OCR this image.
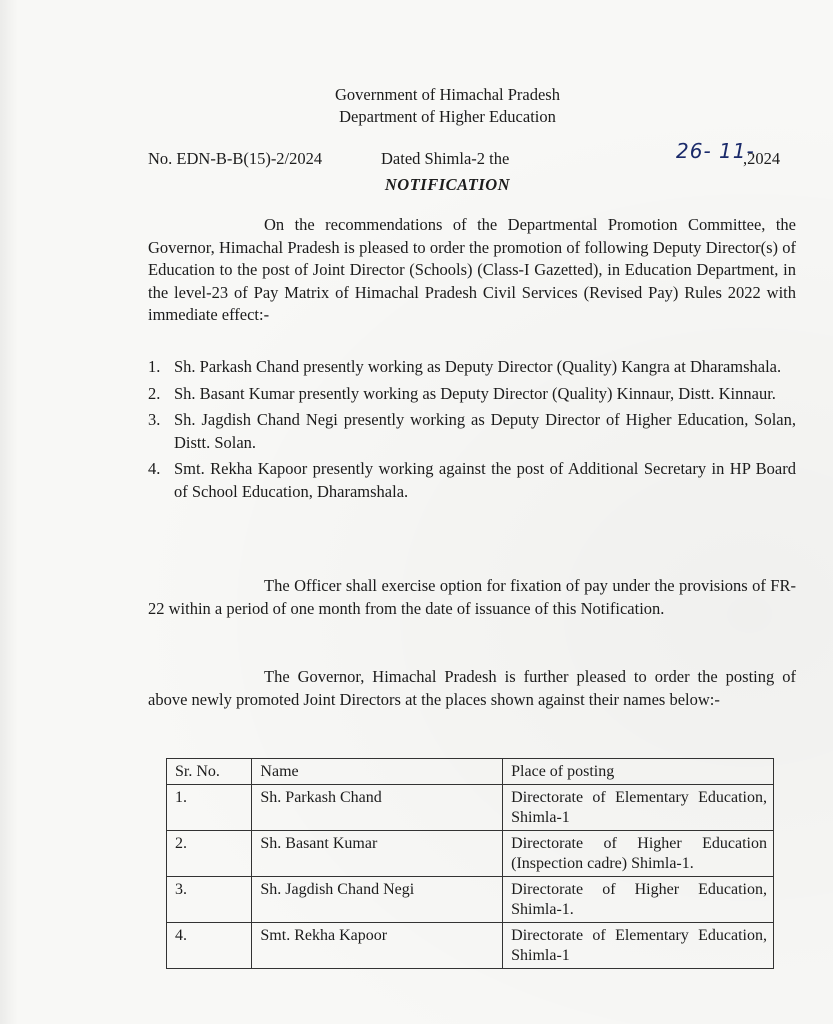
Government of Himachal Pradesh
Department of Higher Education
No. EDN-B-B(15)-2/2024	Dated Shimla-2 the	26- 11-
,2024
NOTIFICATION

On the recommendations of the Departmental Promotion Committee, the Governor, Himachal Pradesh is pleased to order the promotion of following Deputy Director(s) of Education to the post of Joint Director (Schools) (Class-I Gazetted), in Education Department, in the level-23 of Pay Matrix of Himachal Pradesh Civil Services (Revised Pay) Rules 2022 with immediate effect:-

1. Sh. Parkash Chand presently working as Deputy Director (Quality) Kangra at Dharamshala.
2. Sh. Basant Kumar presently working as Deputy Director (Quality) Kinnaur, Distt. Kinnaur.
3. Sh. Jagdish Chand Negi presently working as Deputy Director of Higher Education, Solan, Distt. Solan.
4. Smt. Rekha Kapoor presently working against the post of Additional Secretary in HP Board of School Education, Dharamshala.

The Officer shall exercise option for fixation of pay under the provisions of FR-22 within a period of one month from the date of issuance of this Notification.

The Governor, Himachal Pradesh is further pleased to order the posting of above newly promoted Joint Directors at the places shown against their names below:-

Sr. No.	Name	Place of posting
1.	Sh. Parkash Chand	Directorate of Elementary Education, Shimla-1
2.	Sh. Basant Kumar	Directorate of Higher Education (Inspection cadre) Shimla-1.
3.	Sh. Jagdish Chand Negi	Directorate of Higher Education, Shimla-1.
4.	Smt. Rekha Kapoor	Directorate of Elementary Education, Shimla-1
